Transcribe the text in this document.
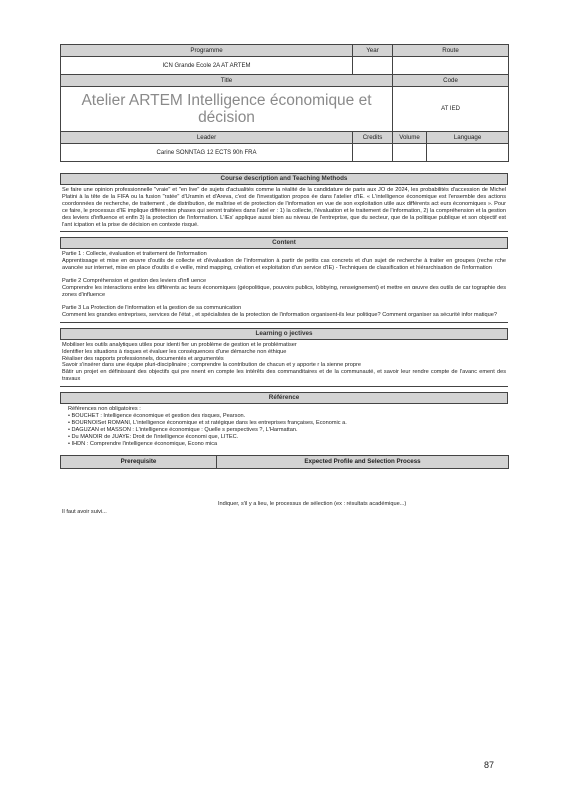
Programme	Year	Route	
ICN Grande Ecole 2A AT ARTEM			
Title		Code	
Atelier ARTEM Intelligence économique et décision		AT IED	
Leader	Credits	Volume	Language
Carine SONNTAG 12 ECTS 90h FRA			
Course description and Teaching Methods

Se faire une opinion professionnelle "vraie" et "en live" de sujets d'actualités comme la réalité de la candidature de paris aux JO de 2024, les probabilités d'accession de Michel Platini à la tête de la FIFA ou la fusion "ratée" d'Uramin et d'Areva, c'est de l'investigation propos ée dans l'atelier d'IE. « L'intelligence économique est l'ensemble des actions coordonnées de recherche, de traitement , de distribution, de maîtrise et de protection de l'information en vue de son exploitation utile aux différents act eurs économiques ». Pour ce faire, le processus d'IE implique différentes phases qui seront traitées dans l'atel er : 1) la collecte, l'évaluation et le traitement de l'information, 2) la compréhension et la gestion des leviers d'influence et enfin 3) la protection de l'information. L'IEs' applique aussi bien au niveau de l'entreprise, que du secteur, que de la politique publique et son objectif est l'ant icipation et la prise de décision en contexte risqué.

Content

Partie 1 : Collecte, évaluation et traitement de l'information
Apprentissage et mise en œuvre d'outils de collecte et d'évaluation de l'information à partir de petits cas concrets et d'un sujet de recherche à traiter en groupes (reche rche avancée sur internet, mise en place d'outils d e veille, mind mapping, création et exploitation d'un service d'IE) - Techniques de classification et hiérarchisation de l'information

Partie 2 Compréhension et gestion des leviers d'infl uence
Comprendre les interactions entre les différents ac teurs économiques (géopolitique, pouvoirs publics, lobbying, renseignement) et mettre en œuvre des outils de car tographie des zones d'influence

Partie 3 La Protection de l'information et la gestion de sa communication
Comment les grandes entreprises, services de l'état , et spécialistes de la protection de l'information organisent-ils leur politique? Comment organiser sa sécurité infor matique?

Learning o jectives

Mobiliser les outils analytiques utiles pour identi fier un problème de gestion et le problématiser
Identifier les situations à risques et évaluer les conséquences d'une démarche non éthique
Réaliser des rapports professionnels, documentés et argumentés
Savoir s'insérer dans une équipe pluri-disciplinaire ; comprendre la contribution de chacun et y apporte r la sienne propre
Bâtir un projet en définissant des objectifs qui pre nnent en compte les intérêts des commanditaires et de la communauté, et savoir leur rendre compte de l'avanc ement des travaux

Référence

Références non obligatoires :

• BOUCHET : Intelligence économique et gestion des risques, Pearson.
• BOURNOISet ROMANI, L'intelligence économique et st ratégique dans les entreprises françaises, Economic a.
• DAGUZAN et MASSON : L'intelligence économique : Quelle s perspectives ?, L'Harmattan.
• Du MANOIR de JUAYE: Droit de l'intelligence économi que, LITEC.
• IHDN : Comprendre l'intelligence économique, Econo mica
Prerequisite	Expected Profile and Selection Process
Il faut avoir suivi...
Indiquer, s'il y a lieu, le processus de sélection (ex : résultats académique...)
87
